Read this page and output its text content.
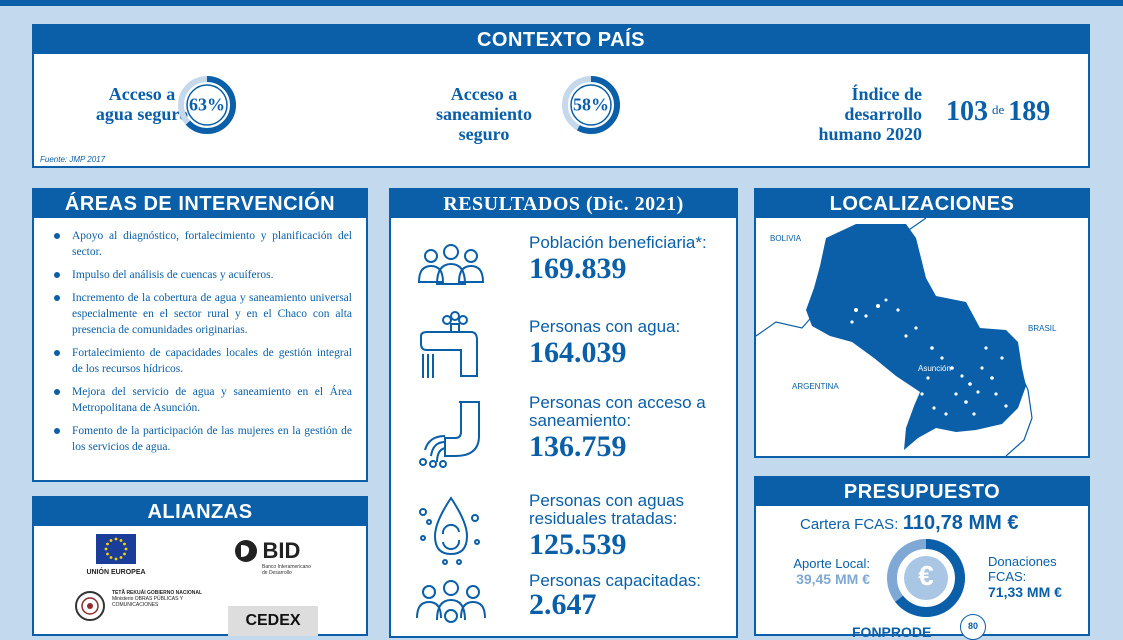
CONTEXTO PAÍS
Acceso a agua seguro 63%
Acceso a saneamiento seguro
58%
Índice de desarrollo humano 2020
103 $^{de}$ 189
Fuente: JMP 2017
ÁREAS DE INTERVENCIÓN
Apoyo al diagnóstico, fortalecimiento y planificación del sector.
Impulso del análisis de cuencas y acuíferos.
Incremento de la cobertura de agua y saneamiento universal especialmente en el sector rural y en el Chaco con alta presencia de comunidades originarias.
Fortalecimiento de capacidades locales de gestión integral de los recursos hídricos.
Mejora del servicio de agua y saneamiento en el Área Metropolitana de Asunción.
Fomento de la participación de las mujeres en la gestión de los servicios de agua.
ALIANZAS
UNIÓN EUROPEA
BID
Banco Interamericano de Desarrollo
TETÃ REKUÁI GOBIERNO NACIONAL
Ministerio OBRAS PÚBLICAS Y COMUNICACIONES
CEDEX
RESULTADOS (Dic. 2021)
Población beneficiaria*:
169.839
Personas con agua:
164.039
Personas con acceso a saneamiento:
136.759
Personas con aguas residuales tratadas:
125.539
Personas capacitadas:
2.647
LOCALIZACIONES
BOLIVIA
BRASIL
ARGENTINA
Asunción
PRESUPUESTO
Cartera FCAS: 110,78 MM €
Aporte Local:
39,45 MM €	€	Donaciones FCAS:
71,33 MM €
FONPRODE	80
